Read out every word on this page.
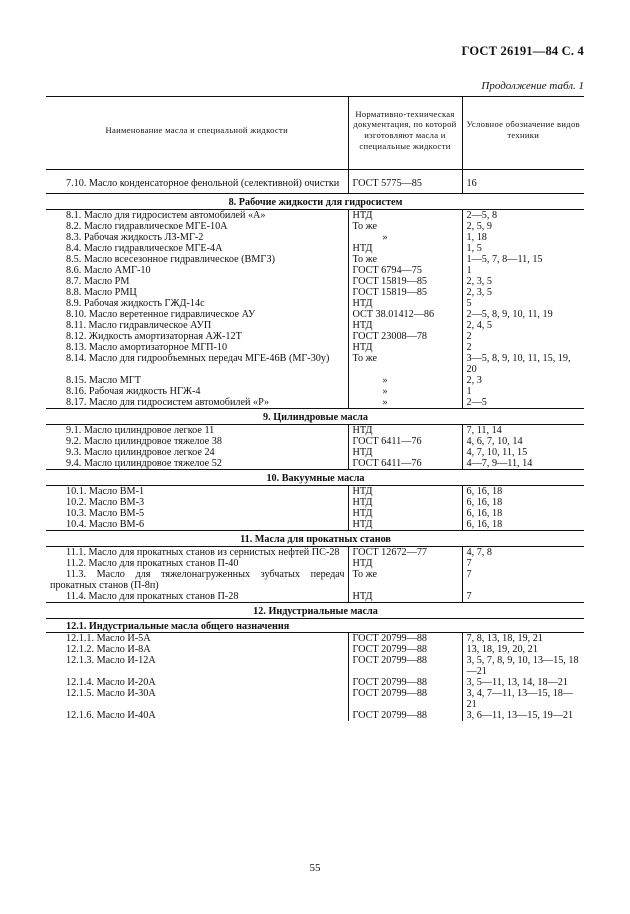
ГОСТ 26191—84 С. 4
Продолжение табл. 1
Наименование масла и специальной жидкости	Нормативно-техническая документация, по которой изготовляют масла и специальные жидкости	Условное обозначение видов техники

7.10. Масло конденсаторное фенольной (селективной) очистки	ГОСТ 5775—85	16

8. Рабочие жидкости для гидросистем		
8.1. Масло для гидросистем автомобилей «А»	НТД	2—5, 8
8.2. Масло гидравлическое МГЕ-10А	То же	2, 5, 9
8.3. Рабочая жидкость ЛЗ-МГ-2	»	1, 18
8.4. Масло гидравлическое МГЕ-4А	НТД	1, 5
8.5. Масло всесезонное гидравлическое (ВМГЗ)	То же	1—5, 7, 8—11, 15
8.6. Масло АМГ-10	ГОСТ 6794—75	1
8.7. Масло РМ	ГОСТ 15819—85	2, 3, 5
8.8. Масло РМЦ	ГОСТ 15819—85	2, 3, 5
8.9. Рабочая жидкость ГЖД-14с	НТД	5
8.10. Масло веретенное гидравлическое АУ	ОСТ 38.01412—86	2—5, 8, 9, 10, 11, 19
8.11. Масло гидравлическое АУП	НТД	2, 4, 5
8.12. Жидкость амортизаторная АЖ-12Т	ГОСТ 23008—78	2
8.13. Масло амортизаторное МГП-10	НТД	2
8.14. Масло для гидрообъемных передач МГЕ-46В (МГ-30у)	То же	3—5, 8, 9, 10, 11, 15, 19, 20
8.15. Масло МГТ	»	2, 3
8.16. Рабочая жидкость НГЖ-4	»	1
8.17. Масло для гидросистем автомобилей «Р»	»	2—5
9. Цилиндровые масла		
9.1. Масло цилиндровое легкое 11	НТД	7, 11, 14
9.2. Масло цилиндровое тяжелое 38	ГОСТ 6411—76	4, 6, 7, 10, 14
9.3. Масло цилиндровое легкое 24	НТД	4, 7, 10, 11, 15
9.4. Масло цилиндровое тяжелое 52	ГОСТ 6411—76	4—7, 9—11, 14
10. Вакуумные масла		
10.1. Масло ВМ-1	НТД	6, 16, 18
10.2. Масло ВМ-3	НТД	6, 16, 18
10.3. Масло ВМ-5	НТД	6, 16, 18
10.4. Масло ВМ-6	НТД	6, 16, 18
11. Масла для прокатных станов		
11.1. Масло для прокатных станов из сернистых нефтей ПС-28	ГОСТ 12672—77	4, 7, 8
11.2. Масло для прокатных станов П-40	НТД	7
11.3. Масло для тяжелонагруженных зубчатых передач прокатных станов (П-8п)	То же	7
11.4. Масло для прокатных станов П-28	НТД	7
12. Индустриальные масла		
12.1. Индустриальные масла общего назначения		
12.1.1. Масло И-5А	ГОСТ 20799—88	7, 8, 13, 18, 19, 21
12.1.2. Масло И-8А	ГОСТ 20799—88	13, 18, 19, 20, 21
12.1.3. Масло И-12А	ГОСТ 20799—88	3, 5, 7, 8, 9, 10, 13—15, 18—21
12.1.4. Масло И-20А	ГОСТ 20799—88	3, 5—11, 13, 14, 18—21
12.1.5. Масло И-30А	ГОСТ 20799—88	3, 4, 7—11, 13—15, 18—21
12.1.6. Масло И-40А	ГОСТ 20799—88	3, 6—11, 13—15, 19—21
55
